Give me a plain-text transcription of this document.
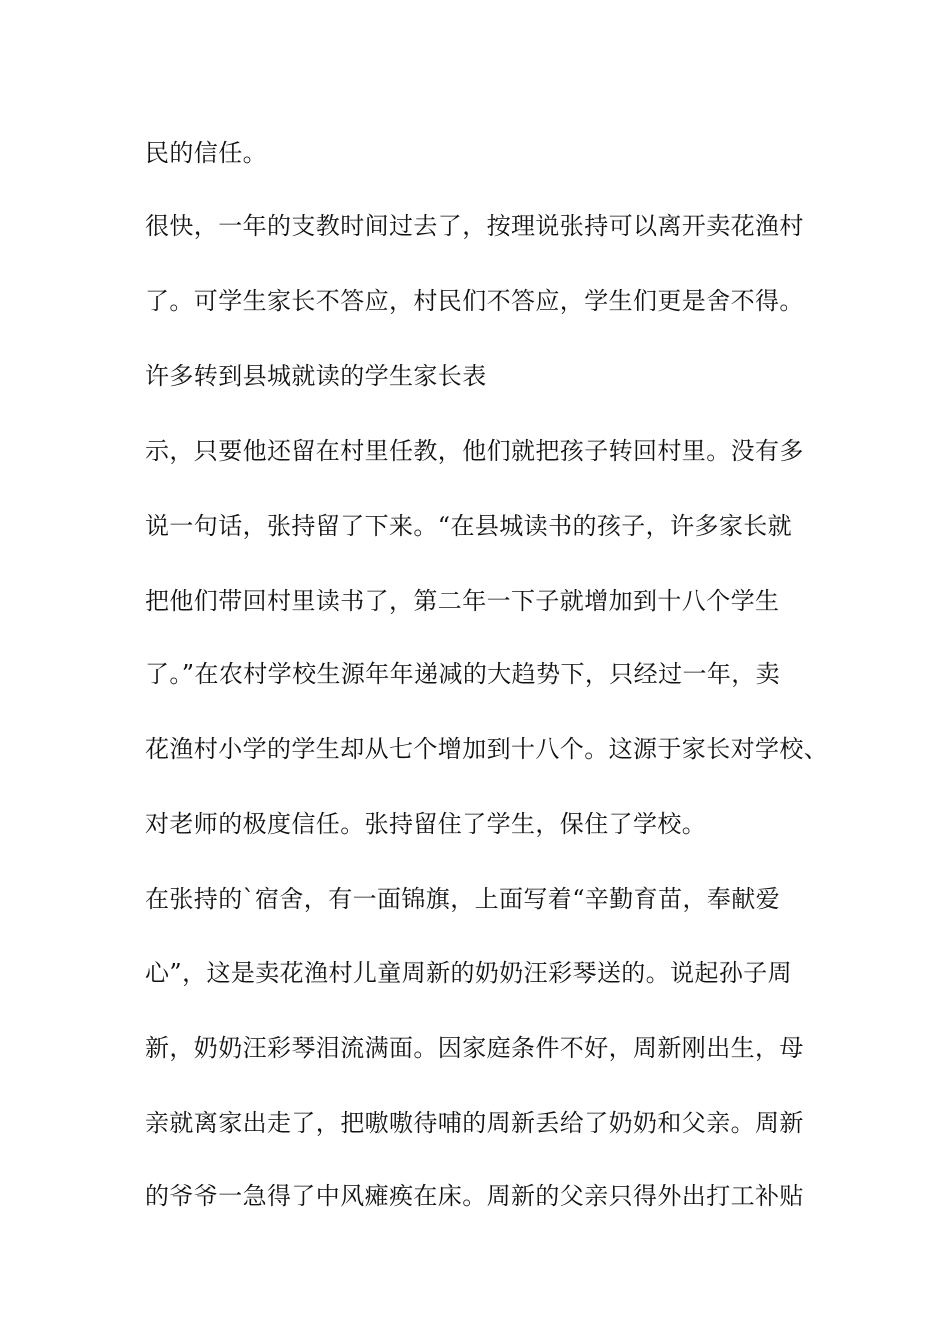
民的信任。

很快，一年的支教时间过去了，按理说张持可以离开卖花渔村

了。可学生家长不答应，村民们不答应，学生们更是舍不得。

许多转到县城就读的学生家长表

示，只要他还留在村里任教，他们就把孩子转回村里。没有多

说一句话，张持留了下来。“在县城读书的孩子，许多家长就

把他们带回村里读书了，第二年一下子就增加到十八个学生

了。”在农村学校生源年年递减的大趋势下，只经过一年，卖

花渔村小学的学生却从七个增加到十八个。这源于家长对学校、

对老师的极度信任。张持留住了学生，保住了学校。

在张持的`宿舍，有一面锦旗，上面写着“辛勤育苗，奉献爱

心”，这是卖花渔村儿童周新的奶奶汪彩琴送的。说起孙子周

新，奶奶汪彩琴泪流满面。因家庭条件不好，周新刚出生，母

亲就离家出走了，把嗷嗷待哺的周新丢给了奶奶和父亲。周新

的爷爷一急得了中风瘫痪在床。周新的父亲只得外出打工补贴
